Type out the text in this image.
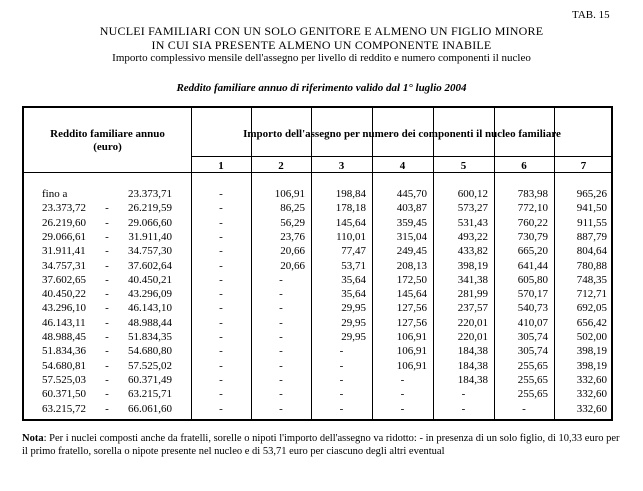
TAB. 15
NUCLEI FAMILIARI CON UN SOLO GENITORE E ALMENO UN FIGLIO MINORE
IN CUI SIA PRESENTE ALMENO UN COMPONENTE INABILE
Importo complessivo mensile dell'assegno per livello di reddito e numero componenti il nucleo
Reddito familiare annuo di riferimento valido dal 1° luglio 2004
Reddito familiare annuo
(euro)
Importo dell'assegno per numero dei componenti il nucleo familiare
1	2	3	4	5	6	7
fino a	23.373,71	-	106,91	198,84	445,70	600,12	783,98	965,26
23.373,72	-	26.219,59	-	86,25	178,18	403,87	573,27	772,10	941,50
26.219,60	-	29.066,60	-	56,29	145,64	359,45	531,43	760,22	911,55
29.066,61	-	31.911,40	-	23,76	110,01	315,04	493,22	730,79	887,79
31.911,41	-	34.757,30	-	20,66	77,47	249,45	433,82	665,20	804,64
34.757,31	-	37.602,64	-	20,66	53,71	208,13	398,19	641,44	780,88
37.602,65	-	40.450,21	-	-	35,64	172,50	341,38	605,80	748,35
40.450,22	-	43.296,09	-	-	35,64	145,64	281,99	570,17	712,71
43.296,10	-	46.143,10	-	-	29,95	127,56	237,57	540,73	692,05
46.143,11	-	48.988,44	-	-	29,95	127,56	220,01	410,07	656,42
48.988,45	-	51.834,35	-	-	29,95	106,91	220,01	305,74	502,00
51.834,36	-	54.680,80	-	-	-	106,91	184,38	305,74	398,19
54.680,81	-	57.525,02	-	-	-	106,91	184,38	255,65	398,19
57.525,03	-	60.371,49	-	-	-	-	184,38	255,65	332,60
60.371,50	-	63.215,71	-	-	-	-	-	255,65	332,60
63.215,72	-	66.061,60	-	-	-	-	-	-	332,60
Nota: Per i nuclei composti anche da fratelli, sorelle o nipoti l'importo dell'assegno va ridotto: - in presenza di un solo figlio, di 10,33 euro per il primo fratello, sorella o nipote presente nel nucleo e di 53,71 euro per ciascuno degli altri eventual
